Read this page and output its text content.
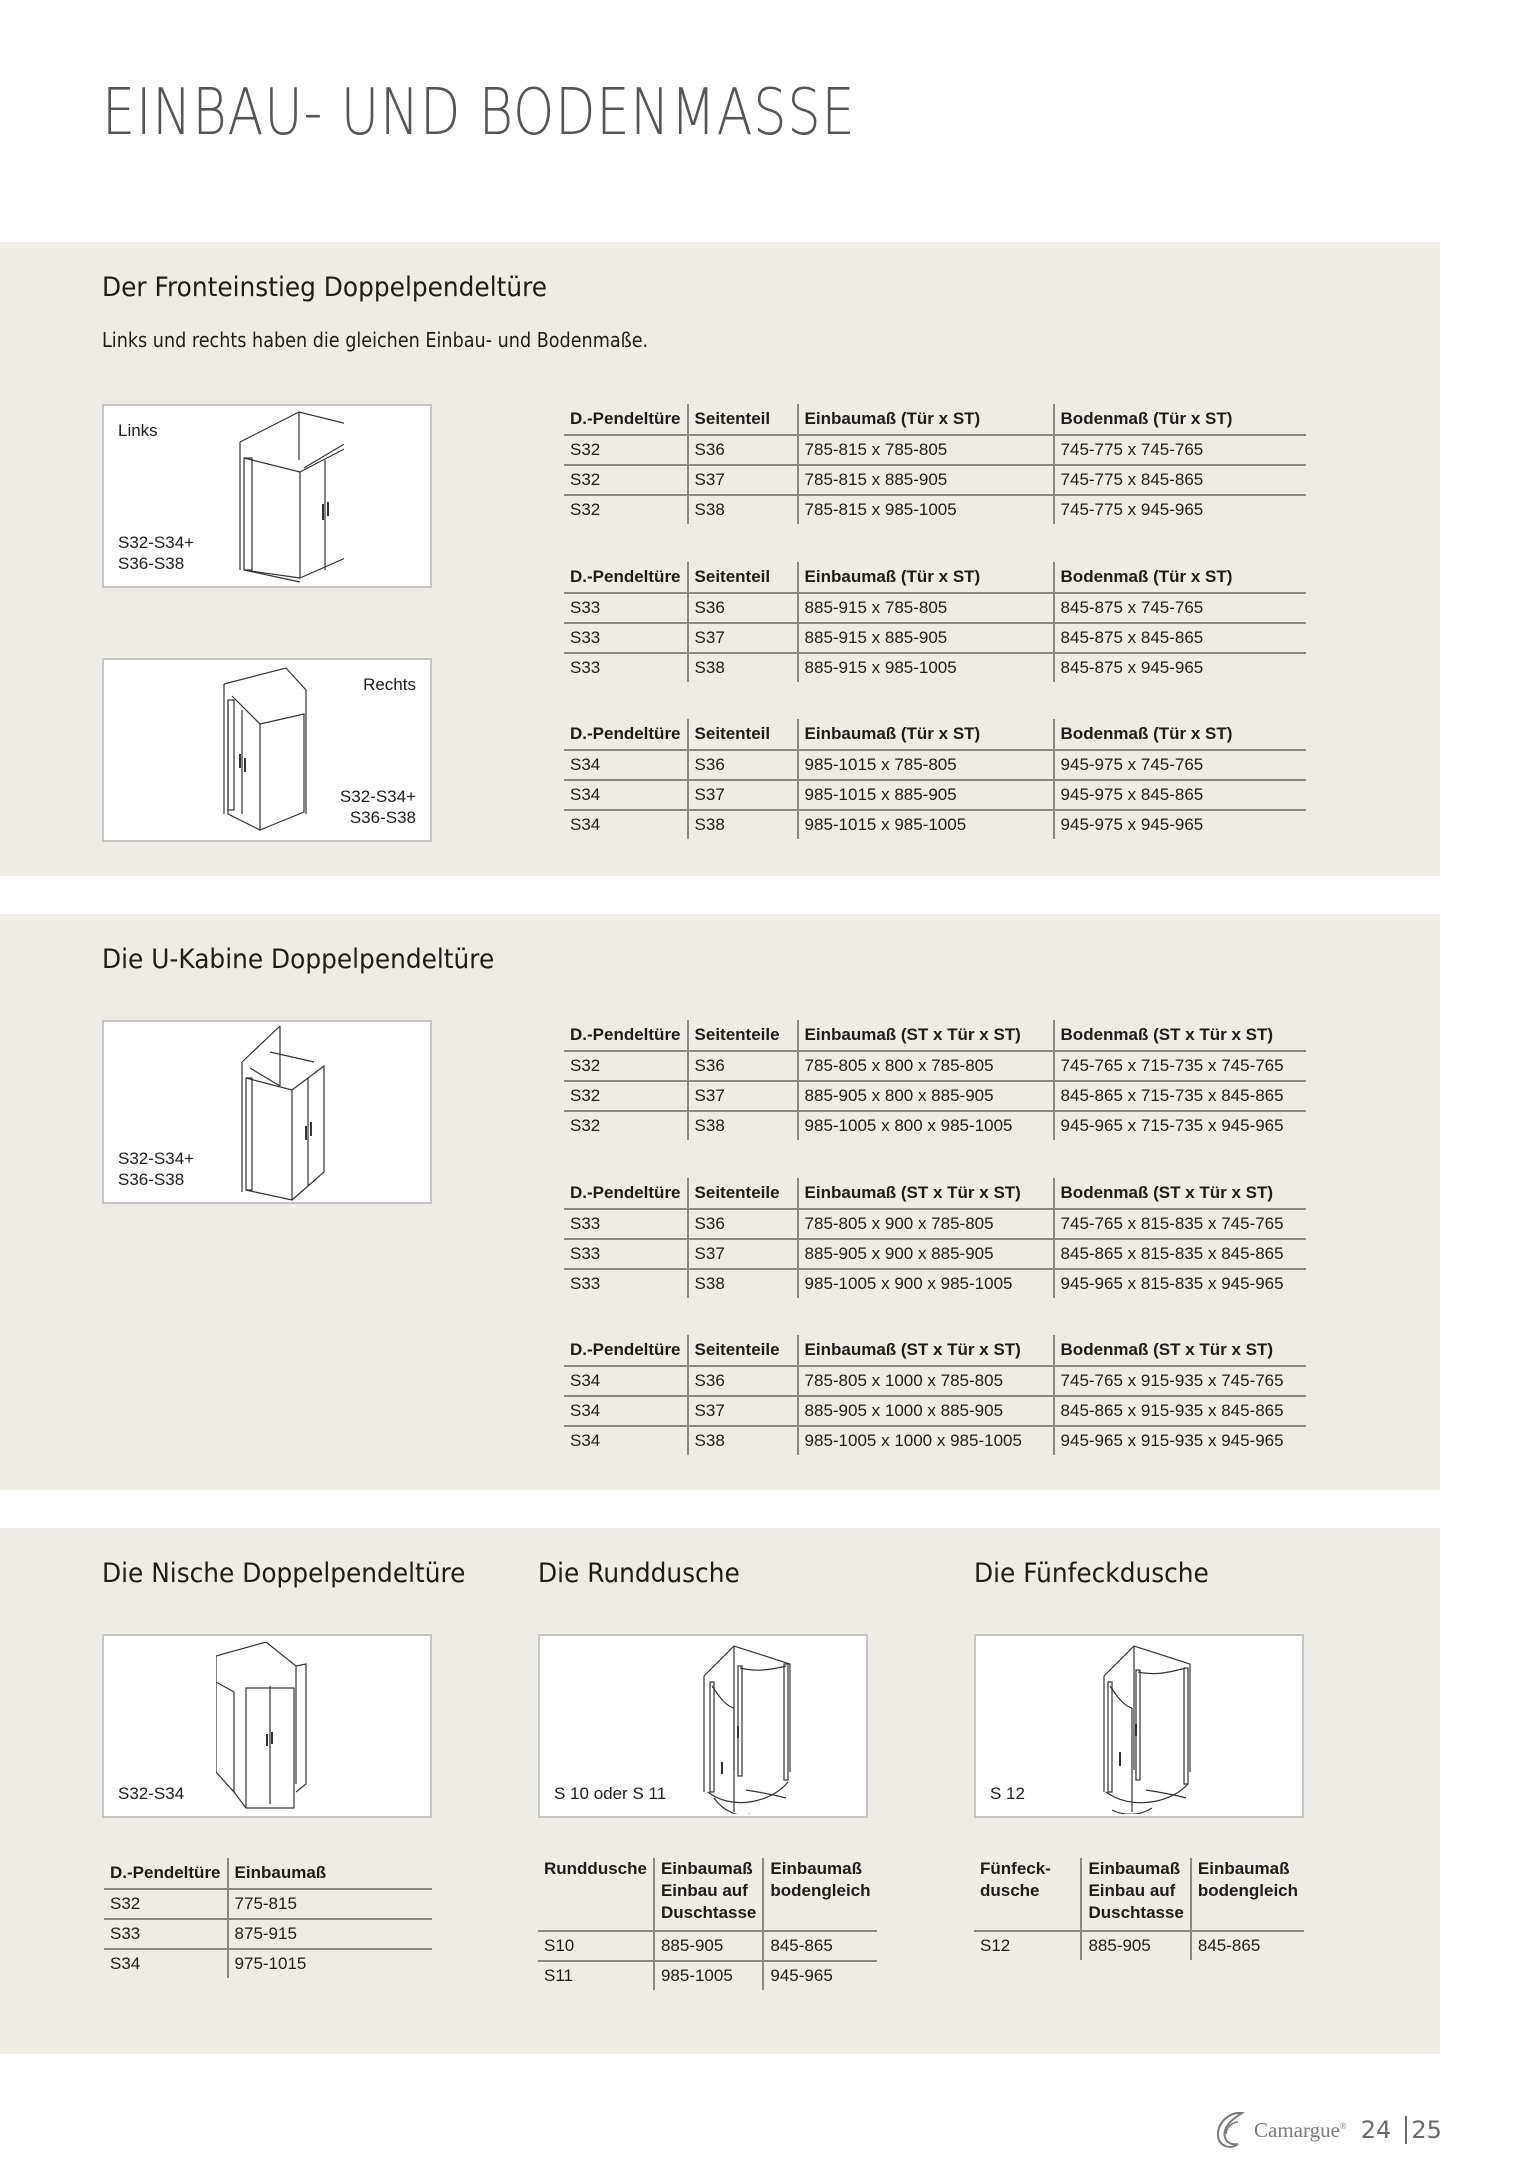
EINBAU- UND BODENMASSE
Der Fronteinstieg Doppelpendeltüre
Links und rechts haben die gleichen Einbau- und Bodenmaße.
Links
S32-S34+
S36-S38
Rechts
S32-S34+
S36-S38
D.-Pendeltüre	Seitenteil	Einbaumaß (Tür x ST)	Bodenmaß (Tür x ST)
S32	S36	785-815 x 785-805	745-775 x 745-765
S32	S37	785-815 x 885-905	745-775 x 845-865
S32	S38	785-815 x 985-1005	745-775 x 945-965
D.-Pendeltüre	Seitenteil	Einbaumaß (Tür x ST)	Bodenmaß (Tür x ST)
S33	S36	885-915 x 785-805	845-875 x 745-765
S33	S37	885-915 x 885-905	845-875 x 845-865
S33	S38	885-915 x 985-1005	845-875 x 945-965
D.-Pendeltüre	Seitenteil	Einbaumaß (Tür x ST)	Bodenmaß (Tür x ST)
S34	S36	985-1015 x 785-805	945-975 x 745-765
S34	S37	985-1015 x 885-905	945-975 x 845-865
S34	S38	985-1015 x 985-1005	945-975 x 945-965
Die U-Kabine Doppelpendeltüre
S32-S34+
S36-S38
D.-Pendeltüre	Seitenteile	Einbaumaß (ST x Tür x ST)	Bodenmaß (ST x Tür x ST)
S32	S36	785-805 x 800 x 785-805	745-765 x 715-735 x 745-765
S32	S37	885-905 x 800 x 885-905	845-865 x 715-735 x 845-865
S32	S38	985-1005 x 800 x 985-1005	945-965 x 715-735 x 945-965
D.-Pendeltüre	Seitenteile	Einbaumaß (ST x Tür x ST)	Bodenmaß (ST x Tür x ST)
S33	S36	785-805 x 900 x 785-805	745-765 x 815-835 x 745-765
S33	S37	885-905 x 900 x 885-905	845-865 x 815-835 x 845-865
S33	S38	985-1005 x 900 x 985-1005	945-965 x 815-835 x 945-965
D.-Pendeltüre	Seitenteile	Einbaumaß (ST x Tür x ST)	Bodenmaß (ST x Tür x ST)
S34	S36	785-805 x 1000 x 785-805	745-765 x 915-935 x 745-765
S34	S37	885-905 x 1000 x 885-905	845-865 x 915-935 x 845-865
S34	S38	985-1005 x 1000 x 985-1005	945-965 x 915-935 x 945-965
Die Nische Doppelpendeltüre
S32-S34
D.-Pendeltüre	Einbaumaß
S32	775-815
S33	875-915
S34	975-1015
Die Runddusche
S 10 oder S 11
Runddusche	Einbaumaß Einbau auf Duschtasse	Einbaumaß bodengleich
S10	885-905	845-865
S11	985-1005	945-965
Die Fünfeckdusche
S 12
Fünfeck-dusche	Einbaumaß Einbau auf Duschtasse	Einbaumaß bodengleich
S12	885-905	845-865
Camargue® 24 25
